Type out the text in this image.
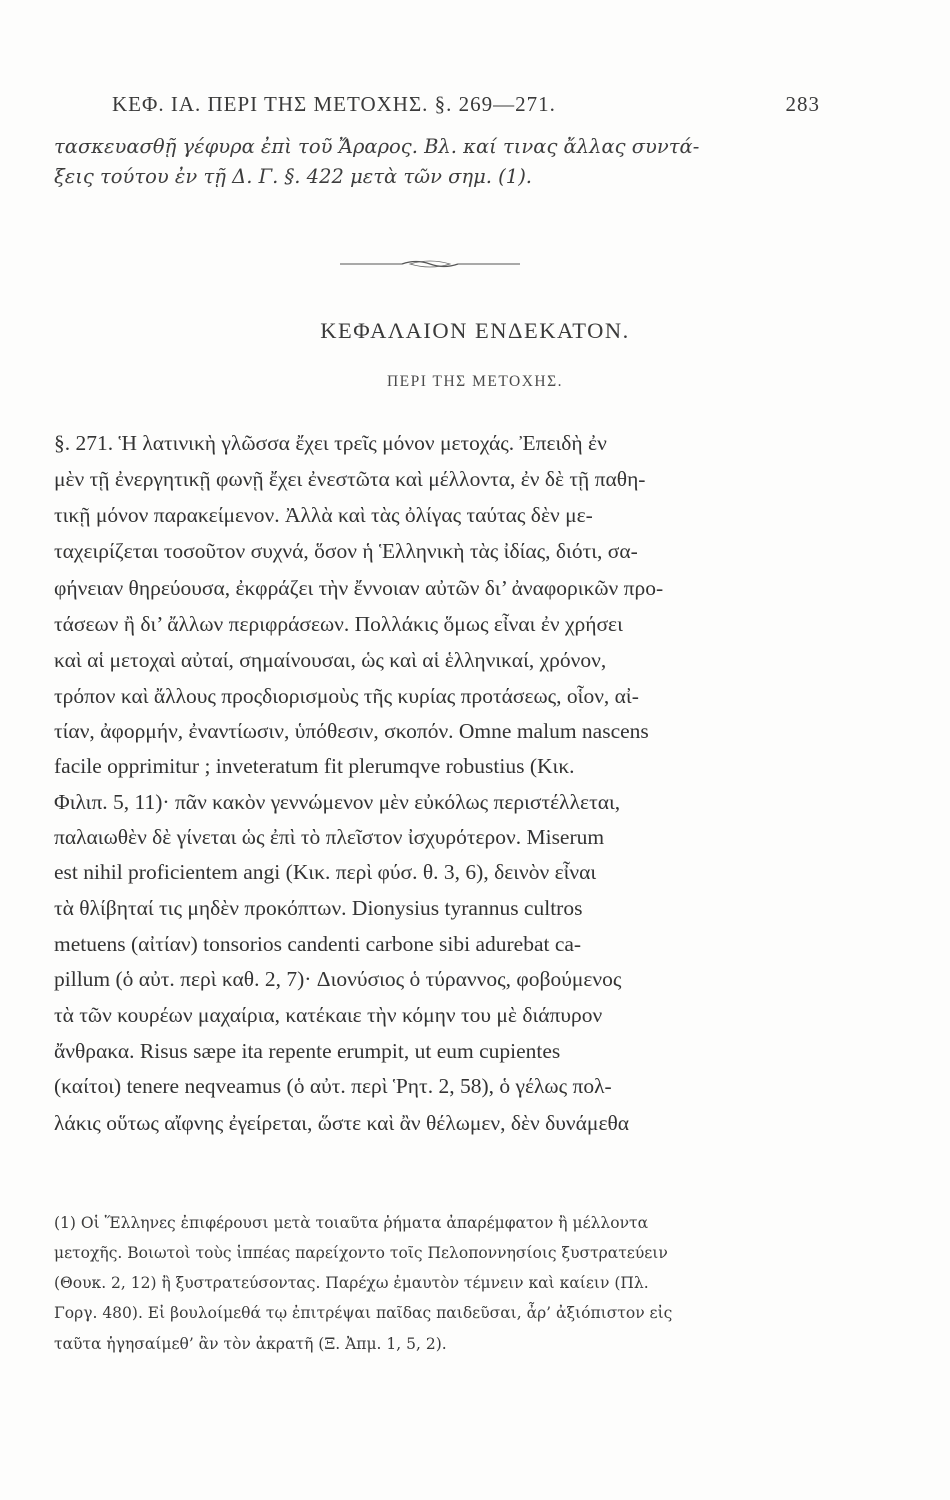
ΚΕΦ. ΙΑ. ΠΕΡΙ ΤΗΣ ΜΕΤΟΧΗΣ. §. 269—271.	283
τασκευασθῇ γέφυρα ἐπὶ τοῦ Ἄραρος. Βλ. καί τινας ἄλλας συντά-
ξεις τούτου ἐν τῇ Δ. Γ. §. 422 μετὰ τῶν σημ. (1).
ΚΕΦΑΛΑΙΟΝ ΕΝΔΕΚΑΤΟΝ.
ΠΕΡΙ ΤΗΣ ΜΕΤΟΧΗΣ.
§. 271. Ἡ λατινικὴ γλῶσσα ἔχει τρεῖς μόνον μετοχάς. Ἐπειδὴ ἐν
μὲν τῇ ἐνεργητικῇ φωνῇ ἔχει ἐνεστῶτα καὶ μέλλοντα, ἐν δὲ τῇ παθη-
τικῇ μόνον παρακείμενον. Ἀλλὰ καὶ τὰς ὀλίγας ταύτας δὲν με-
ταχειρίζεται τοσοῦτον συχνά, ὅσον ἡ Ἑλληνικὴ τὰς ἰδίας, διότι, σα-
φήνειαν θηρεύουσα, ἐκφράζει τὴν ἔννοιαν αὐτῶν δι’ ἀναφορικῶν προ-
τάσεων ἢ δι’ ἄλλων περιφράσεων. Πολλάκις ὅμως εἶναι ἐν χρήσει
καὶ αἱ μετοχαὶ αὐταί, σημαίνουσαι, ὡς καὶ αἱ ἑλληνικαί, χρόνον,
τρόπον καὶ ἄλλους προςδιορισμοὺς τῆς κυρίας προτάσεως, οἷον, αἰ-
τίαν, ἀφορμήν, ἐναντίωσιν, ὑπόθεσιν, σκοπόν. Omne malum nascens
facile opprimitur ; inveteratum fit plerumqve robustius (Κικ.
Φιλιπ. 5, 11)· πᾶν κακὸν γεννώμενον μὲν εὐκόλως περιστέλλεται,
παλαιωθὲν δὲ γίνεται ὡς ἐπὶ τὸ πλεῖστον ἰσχυρότερον. Miserum
est nihil proficientem angi (Κικ. περὶ φύσ. θ. 3, 6), δεινὸν εἶναι
τὰ θλίβηταί τις μηδὲν προκόπτων. Dionysius tyrannus cultros
metuens (αἰτίαν) tonsorios candenti carbone sibi adurebat ca-
pillum (ὁ αὐτ. περὶ καθ. 2, 7)· Διονύσιος ὁ τύραννος, φοβούμενος
τὰ τῶν κουρέων μαχαίρια, κατέκαιε τὴν κόμην του μὲ διάπυρον
ἄνθρακα. Risus sæpe ita repente erumpit, ut eum cupientes
(καίτοι) tenere neqveamus (ὁ αὐτ. περὶ Ῥητ. 2, 58), ὁ γέλως πολ-
λάκις οὕτως αἴφνης ἐγείρεται, ὥστε καὶ ἂν θέλωμεν, δὲν δυνάμεθα
(1) Οἱ Ἕλληνες ἐπιφέρουσι μετὰ τοιαῦτα ῥήματα ἀπαρέμφατον ἢ μέλλοντα
μετοχῆς. Βοιωτοὶ τοὺς ἱππέας παρείχοντο τοῖς Πελοποννησίοις ξυστρατεύειν
(Θουκ. 2, 12) ἢ ξυστρατεύσοντας. Παρέχω ἐμαυτὸν τέμνειν καὶ καίειν (Πλ.
Γοργ. 480). Εἰ βουλοίμεθά τῳ ἐπιτρέψαι παῖδας παιδεῦσαι, ἆρ’ ἀξιόπιστον εἰς
ταῦτα ἡγησαίμεθ’ ἂν τὸν ἀκρατῆ (Ξ. Ἀπμ. 1, 5, 2).
